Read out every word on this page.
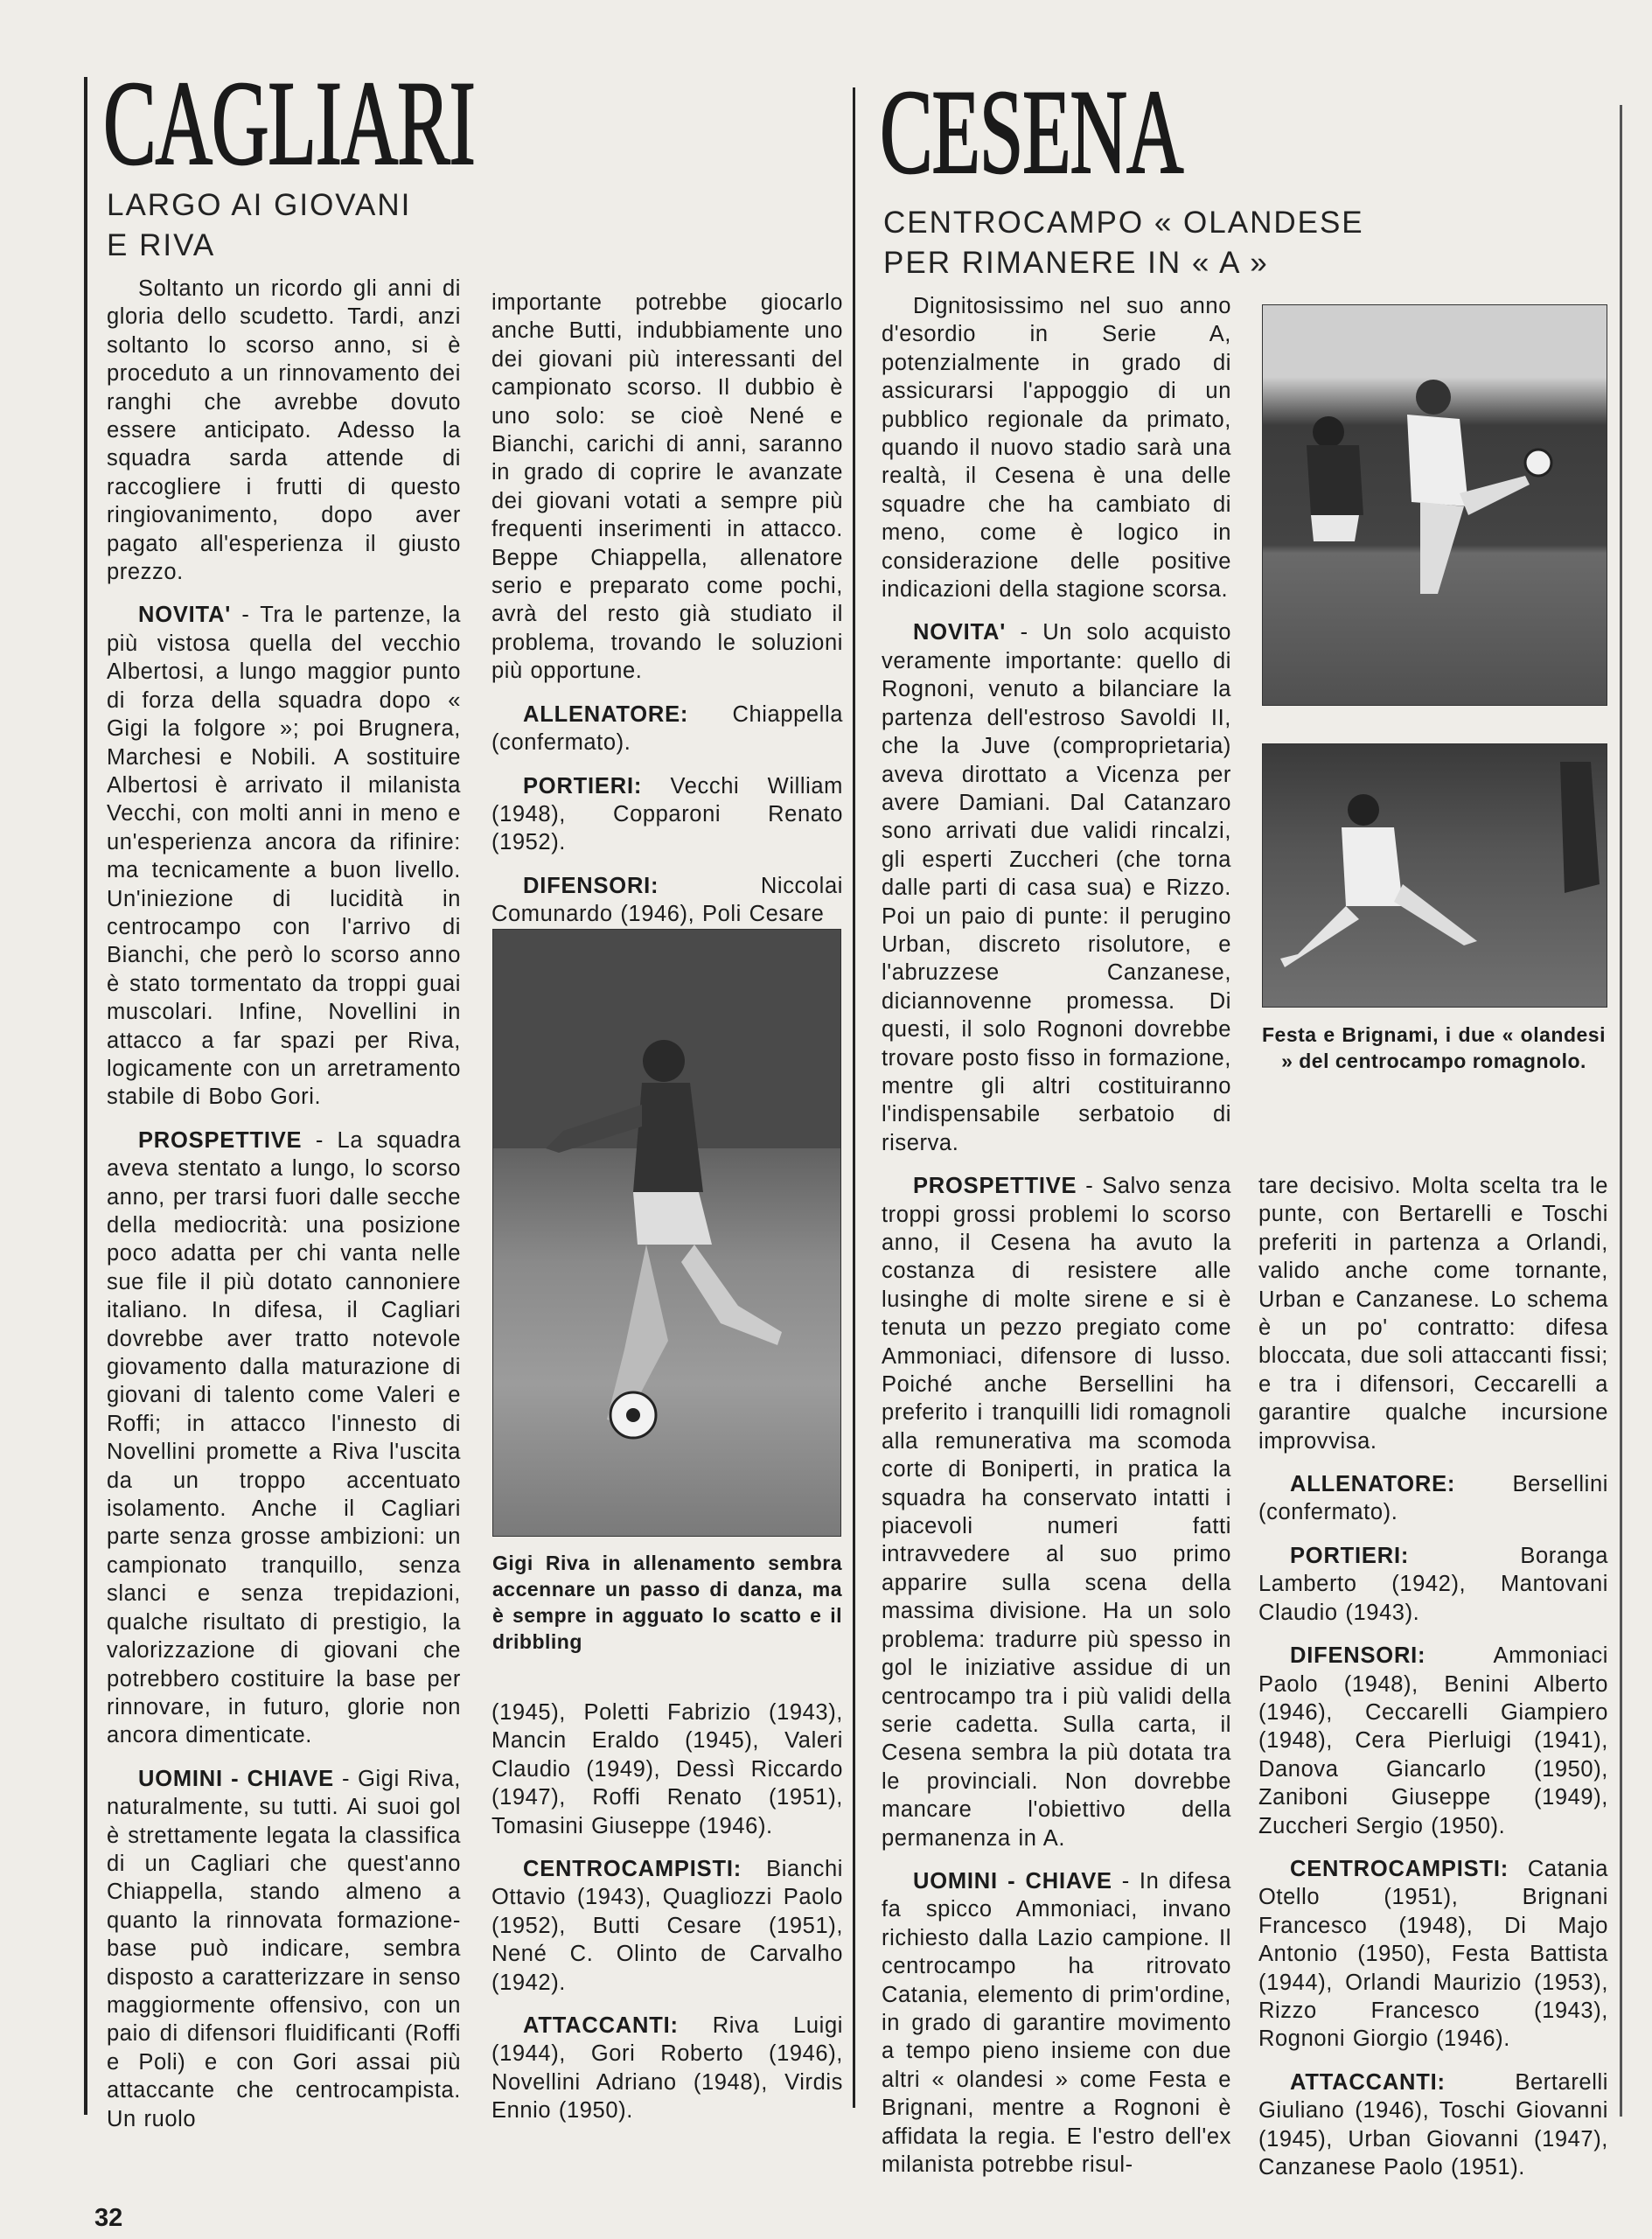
CAGLIARI
LARGO AI GIOVANI
E RIVA

Soltanto un ricordo gli anni di gloria dello scudetto. Tardi, anzi soltanto lo scorso anno, si è proceduto a un rinnovamento dei ranghi che avrebbe dovuto essere anticipato. Adesso la squadra sarda attende di raccogliere i frutti di questo ringiovanimento, dopo aver pagato all'esperienza il giusto prezzo.

NOVITA' - Tra le partenze, la più vistosa quella del vecchio Albertosi, a lungo maggior punto di forza della squadra dopo « Gigi la folgore »; poi Brugnera, Marchesi e Nobili. A sostituire Albertosi è arrivato il milanista Vecchi, con molti anni in meno e un'esperienza ancora da rifinire: ma tecnicamente a buon livello. Un'iniezione di lucidità in centrocampo con l'arrivo di Bianchi, che però lo scorso anno è stato tormentato da troppi guai muscolari. Infine, Novellini in attacco a far spazi per Riva, logicamente con un arretramento stabile di Bobo Gori.

PROSPETTIVE - La squadra aveva stentato a lungo, lo scorso anno, per trarsi fuori dalle secche della mediocrità: una posizione poco adatta per chi vanta nelle sue file il più dotato cannoniere italiano. In difesa, il Cagliari dovrebbe aver tratto notevole giovamento dalla maturazione di giovani di talento come Valeri e Roffi; in attacco l'innesto di Novellini promette a Riva l'uscita da un troppo accentuato isolamento. Anche il Cagliari parte senza grosse ambizioni: un campionato tranquillo, senza slanci e senza trepidazioni, qualche risultato di prestigio, la valorizzazione di giovani che potrebbero costituire la base per rinnovare, in futuro, glorie non ancora dimenticate.

UOMINI - CHIAVE - Gigi Riva, naturalmente, su tutti. Ai suoi gol è strettamente legata la classifica di un Cagliari che quest'anno Chiappella, stando almeno a quanto la rinnovata formazione-base può indicare, sembra disposto a caratterizzare in senso maggiormente offensivo, con un paio di difensori fluidificanti (Roffi e Poli) e con Gori assai più attaccante che centrocampista. Un ruolo

importante potrebbe giocarlo anche Butti, indubbiamente uno dei giovani più interessanti del campionato scorso. Il dubbio è uno solo: se cioè Nené e Bianchi, carichi di anni, saranno in grado di coprire le avanzate dei giovani votati a sempre più frequenti inserimenti in attacco. Beppe Chiappella, allenatore serio e preparato come pochi, avrà del resto già studiato il problema, trovando le soluzioni più opportune.

ALLENATORE: Chiappella (confermato).

PORTIERI: Vecchi William (1948), Copparoni Renato (1952).

DIFENSORI: Niccolai Comunardo (1946), Poli Cesare

Gigi Riva in allenamento sembra accennare un passo di danza, ma è sempre in agguato lo scatto e il dribbling

(1945), Poletti Fabrizio (1943), Mancin Eraldo (1945), Valeri Claudio (1949), Dessì Riccardo (1947), Roffi Renato (1951), Tomasini Giuseppe (1946).

CENTROCAMPISTI: Bianchi Ottavio (1943), Quagliozzi Paolo (1952), Butti Cesare (1951), Nené C. Olinto de Carvalho (1942).

ATTACCANTI: Riva Luigi (1944), Gori Roberto (1946), Novellini Adriano (1948), Virdis Ennio (1950).

CESENA
CENTROCAMPO « OLANDESE
PER RIMANERE IN « A »

Dignitosissimo nel suo anno d'esordio in Serie A, potenzialmente in grado di assicurarsi l'appoggio di un pubblico regionale da primato, quando il nuovo stadio sarà una realtà, il Cesena è una delle squadre che ha cambiato di meno, come è logico in considerazione delle positive indicazioni della stagione scorsa.

NOVITA' - Un solo acquisto veramente importante: quello di Rognoni, venuto a bilanciare la partenza dell'estroso Savoldi II, che la Juve (comproprietaria) aveva dirottato a Vicenza per avere Damiani. Dal Catanzaro sono arrivati due validi rincalzi, gli esperti Zuccheri (che torna dalle parti di casa sua) e Rizzo. Poi un paio di punte: il perugino Urban, discreto risolutore, e l'abruzzese Canzanese, diciannovenne promessa. Di questi, il solo Rognoni dovrebbe trovare posto fisso in formazione, mentre gli altri costituiranno l'indispensabile serbatoio di riserva.

PROSPETTIVE - Salvo senza troppi grossi problemi lo scorso anno, il Cesena ha avuto la costanza di resistere alle lusinghe di molte sirene e si è tenuta un pezzo pregiato come Ammoniaci, difensore di lusso. Poiché anche Bersellini ha preferito i tranquilli lidi romagnoli alla remunerativa ma scomoda corte di Boniperti, in pratica la squadra ha conservato intatti i piacevoli numeri fatti intravvedere al suo primo apparire sulla scena della massima divisione. Ha un solo problema: tradurre più spesso in gol le iniziative assidue di un centrocampo tra i più validi della serie cadetta. Sulla carta, il Cesena sembra la più dotata tra le provinciali. Non dovrebbe mancare l'obiettivo della permanenza in A.

UOMINI - CHIAVE - In difesa fa spicco Ammoniaci, invano richiesto dalla Lazio campione. Il centrocampo ha ritrovato Catania, elemento di prim'ordine, in grado di garantire movimento a tempo pieno insieme con due altri « olandesi » come Festa e Brignani, mentre a Rognoni è affidata la regia. E l'estro dell'ex milanista potrebbe risul-

Festa e Brignami, i due « olandesi » del centrocampo romagnolo.

tare decisivo. Molta scelta tra le punte, con Bertarelli e Toschi preferiti in partenza a Orlandi, valido anche come tornante, Urban e Canzanese. Lo schema è un po' contratto: difesa bloccata, due soli attaccanti fissi; e tra i difensori, Ceccarelli a garantire qualche incursione improvvisa.

ALLENATORE: Bersellini (confermato).

PORTIERI: Boranga Lamberto (1942), Mantovani Claudio (1943).

DIFENSORI: Ammoniaci Paolo (1948), Benini Alberto (1946), Ceccarelli Giampiero (1948), Cera Pierluigi (1941), Danova Giancarlo (1950), Zaniboni Giuseppe (1949), Zuccheri Sergio (1950).

CENTROCAMPISTI: Catania Otello (1951), Brignani Francesco (1948), Di Majo Antonio (1950), Festa Battista (1944), Orlandi Maurizio (1953), Rizzo Francesco (1943), Rognoni Giorgio (1946).

ATTACCANTI: Bertarelli Giuliano (1946), Toschi Giovanni (1945), Urban Giovanni (1947), Canzanese Paolo (1951).

32
